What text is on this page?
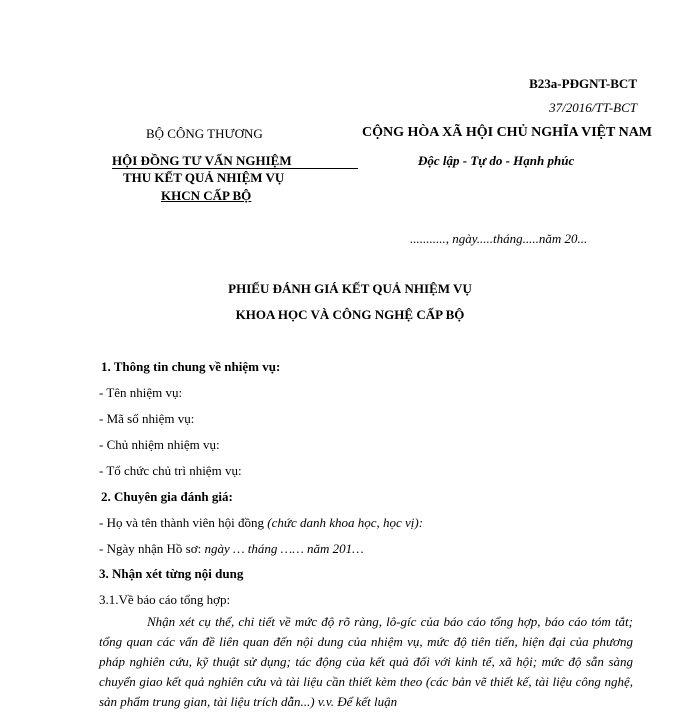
B23a-PĐGNT-BCT
37/2016/TT-BCT
BỘ CÔNG THƯƠNG
HỘI ĐỒNG TƯ VẤN NGHIỆM
THU KẾT QUẢ NHIỆM VỤ
KHCN CẤP BỘ
CỘNG HÒA XÃ HỘI CHỦ NGHĨA VIỆT NAM
Độc lập - Tự do - Hạnh phúc
..........., ngày.....tháng.....năm 20...
PHIẾU ĐÁNH GIÁ KẾT QUẢ NHIỆM VỤ
KHOA HỌC VÀ CÔNG NGHỆ CẤP BỘ
1. Thông tin chung về nhiệm vụ:
- Tên nhiệm vụ:
- Mã số nhiệm vụ:
- Chủ nhiệm nhiệm vụ:
- Tổ chức chủ trì nhiệm vụ:
2. Chuyên gia đánh giá:
- Họ và tên thành viên hội đồng (chức danh khoa học, học vị):
- Ngày nhận Hồ sơ: ngày … tháng …… năm 201…
3. Nhận xét từng nội dung
3.1.Về báo cáo tổng hợp:
Nhận xét cụ thể, chi tiết về mức độ rõ ràng, lô-gíc của báo cáo tổng hợp, báo cáo tóm tắt; tổng quan các vấn đề liên quan đến nội dung của nhiệm vụ, mức độ tiên tiến, hiện đại của phương pháp nghiên cứu, kỹ thuật sử dụng; tác động của kết quả đối với kinh tế, xã hội; mức độ sẵn sàng chuyển giao kết quả nghiên cứu và tài liệu cần thiết kèm theo (các bản vẽ thiết kế, tài liệu công nghệ, sản phẩm trung gian, tài liệu trích dẫn...) v.v. Để kết luận
